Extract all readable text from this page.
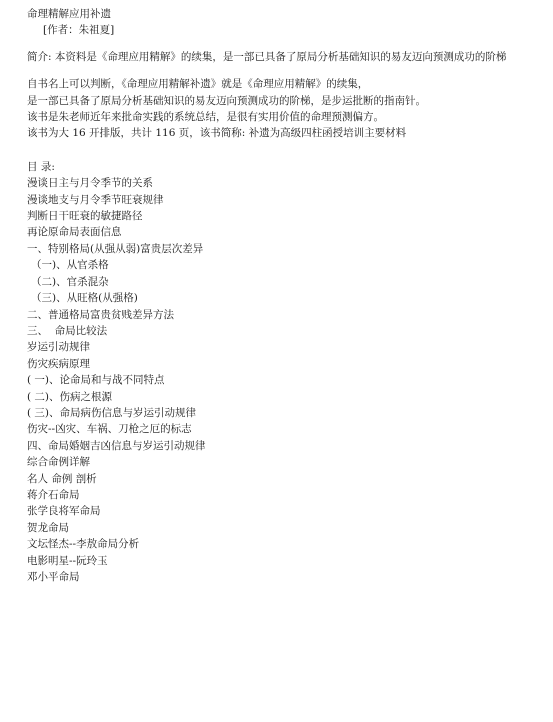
命理精解应用补遗
[作者：朱祖夏]
简介: 本资料是《命理应用精解》的续集，是一部已具备了原局分析基础知识的易友迈向预测成功的阶梯
自书名上可以判断，《命理应用精解补遗》就是《命理应用精解》的续集，
是一部已具备了原局分析基础知识的易友迈向预测成功的阶梯，是步运批断的指南针。
该书是朱老师近年来批命实践的系统总结，是很有实用价值的命理预测偏方。
该书为大 16 开排版，共计 116 页，该书简称: 补遗为高级四柱函授培训主要材料
目 录:
漫谈日主与月令季节的关系
漫谈地支与月令季节旺衰规律
判断日干旺衰的敏捷路径
再论原命局表面信息
一、特别格局(从强从弱)富贵层次差异
（一)、从官杀格
（二)、官杀混杂
（三)、从旺格(从强格)
二、普通格局富贵贫贱差异方法
三、  命局比较法
岁运引动规律
伤灾疾病原理
( 一)、论命局和与战不同特点
( 二)、伤病之根源
( 三)、命局病伤信息与岁运引动规律
伤灾--凶灾、车祸、刀枪之厄的标志
四、命局婚姻吉凶信息与岁运引动规律
综合命例详解
名人 命例 剖析
蒋介石命局
张学良将军命局
贺龙命局
文坛怪杰--李敖命局分析
电影明星--阮玲玉
邓小平命局
